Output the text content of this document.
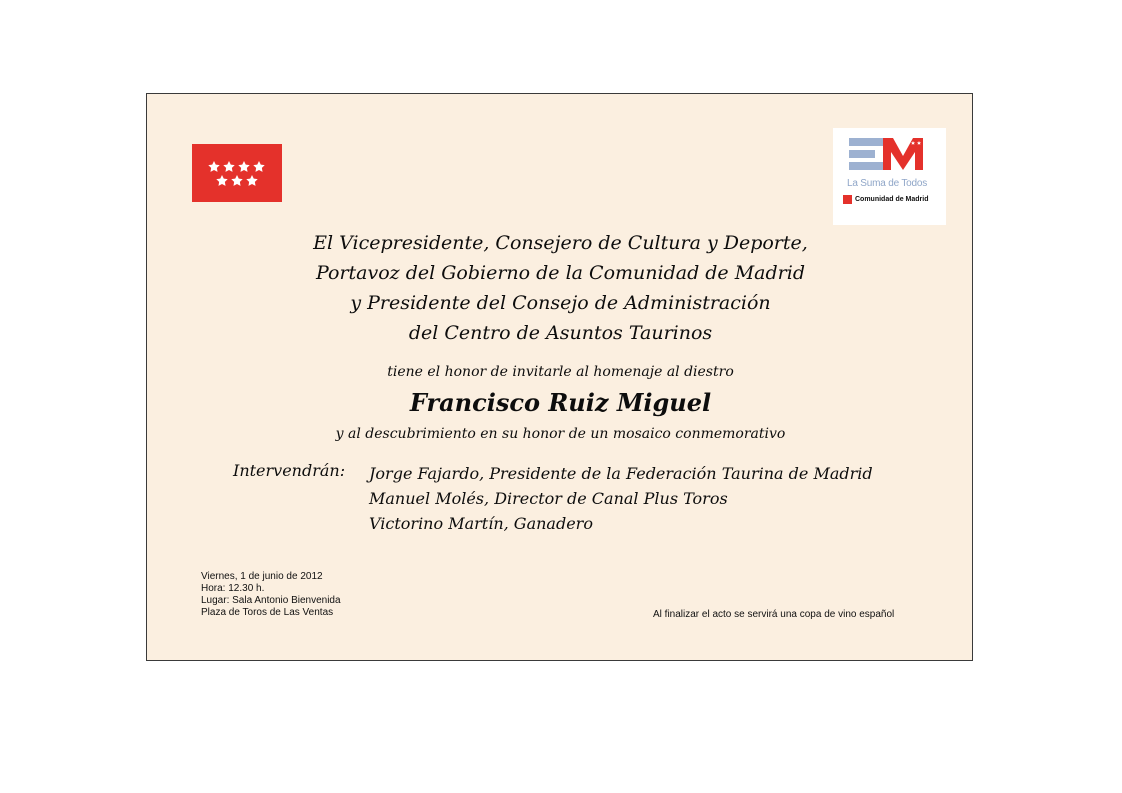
La Suma de Todos
Comunidad de Madrid
El Vicepresidente, Consejero de Cultura y Deporte,
Portavoz del Gobierno de la Comunidad de Madrid
y Presidente del Consejo de Administración
del Centro de Asuntos Taurinos
tiene el honor de invitarle al homenaje al diestro
Francisco Ruiz Miguel
y al descubrimiento en su honor de un mosaico conmemorativo
Intervendrán: Jorge Fajardo, Presidente de la Federación Taurina de Madrid
Manuel Molés, Director de Canal Plus Toros
Victorino Martín, Ganadero
Viernes, 1 de junio de 2012
Hora: 12.30 h.
Lugar: Sala Antonio Bienvenida
Plaza de Toros de Las Ventas	Al finalizar el acto se servirá una copa de vino español
